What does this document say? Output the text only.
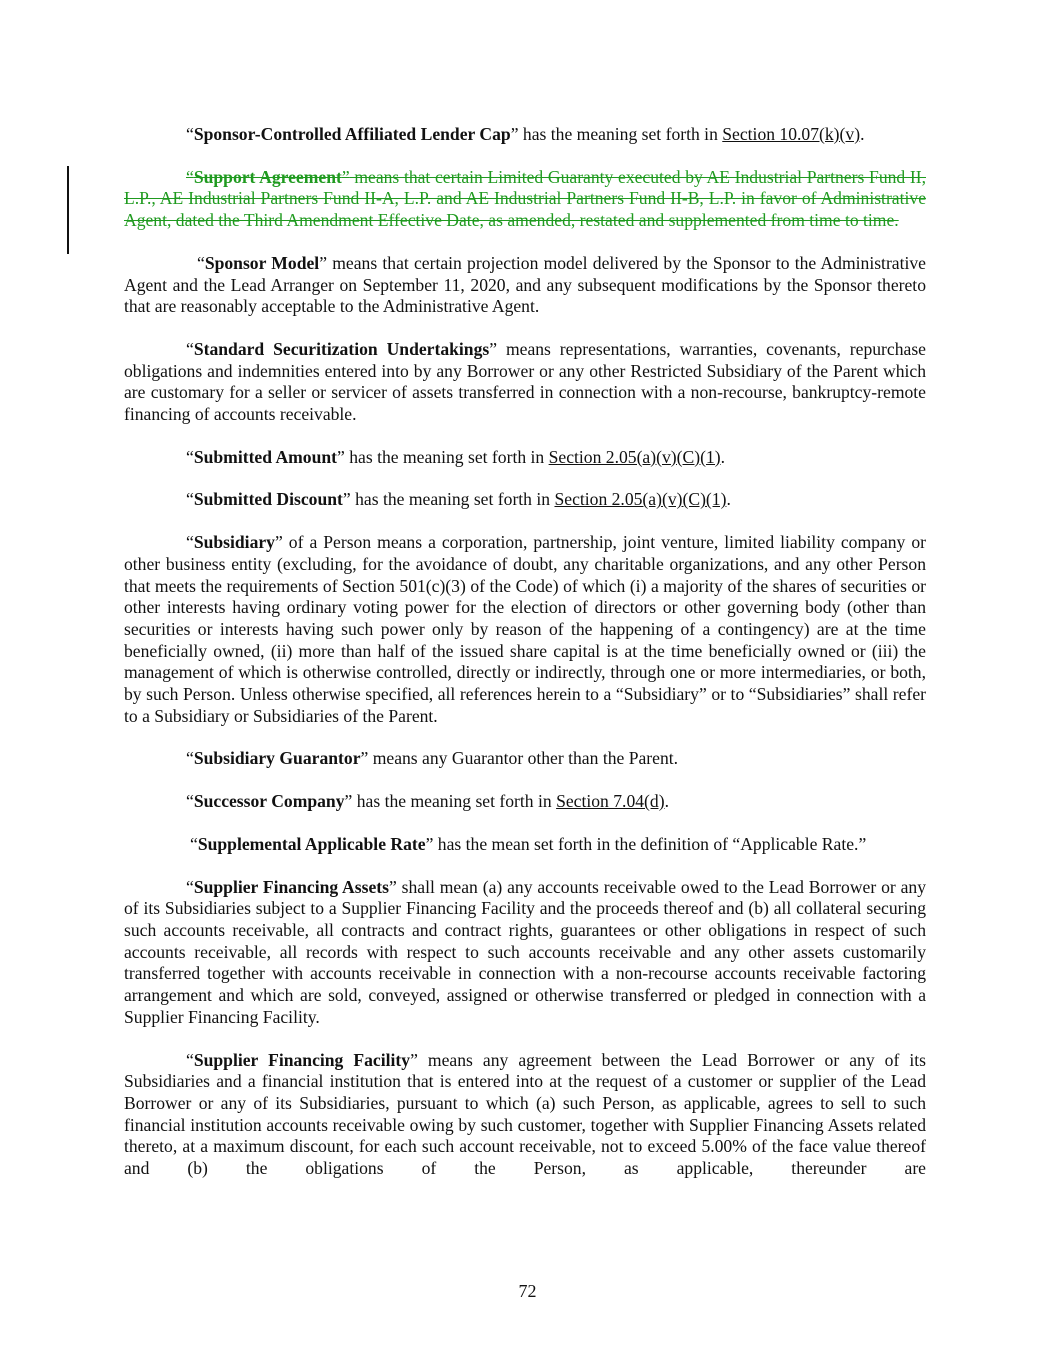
“Sponsor-Controlled Affiliated Lender Cap” has the meaning set forth in Section 10.07(k)(v).

“Support Agreement” means that certain Limited Guaranty executed by AE Industrial Partners Fund II, L.P., AE Industrial Partners Fund II-A, L.P. and AE Industrial Partners Fund II-B, L.P. in favor of Administrative Agent, dated the Third Amendment Effective Date, as amended, restated and supplemented from time to time.

“Sponsor Model” means that certain projection model delivered by the Sponsor to the Administrative Agent and the Lead Arranger on September 11, 2020, and any subsequent modifications by the Sponsor thereto that are reasonably acceptable to the Administrative Agent.

“Standard Securitization Undertakings” means representations, warranties, covenants, repurchase obligations and indemnities entered into by any Borrower or any other Restricted Subsidiary of the Parent which are customary for a seller or servicer of assets transferred in connection with a non-recourse, bankruptcy-remote financing of accounts receivable.

“Submitted Amount” has the meaning set forth in Section 2.05(a)(v)(C)(1).

“Submitted Discount” has the meaning set forth in Section 2.05(a)(v)(C)(1).

“Subsidiary” of a Person means a corporation, partnership, joint venture, limited liability company or other business entity (excluding, for the avoidance of doubt, any charitable organizations, and any other Person that meets the requirements of Section 501(c)(3) of the Code) of which (i) a majority of the shares of securities or other interests having ordinary voting power for the election of directors or other governing body (other than securities or interests having such power only by reason of the happening of a contingency) are at the time beneficially owned, (ii) more than half of the issued share capital is at the time beneficially owned or (iii) the management of which is otherwise controlled, directly or indirectly, through one or more intermediaries, or both, by such Person. Unless otherwise specified, all references herein to a “Subsidiary” or to “Subsidiaries” shall refer to a Subsidiary or Subsidiaries of the Parent.

“Subsidiary Guarantor” means any Guarantor other than the Parent.

“Successor Company” has the meaning set forth in Section 7.04(d).

“Supplemental Applicable Rate” has the mean set forth in the definition of “Applicable Rate.”

“Supplier Financing Assets” shall mean (a) any accounts receivable owed to the Lead Borrower or any of its Subsidiaries subject to a Supplier Financing Facility and the proceeds thereof and (b) all collateral securing such accounts receivable, all contracts and contract rights, guarantees or other obligations in respect of such accounts receivable, all records with respect to such accounts receivable and any other assets customarily transferred together with accounts receivable in connection with a non-recourse accounts receivable factoring arrangement and which are sold, conveyed, assigned or otherwise transferred or pledged in connection with a Supplier Financing Facility.

“Supplier Financing Facility” means any agreement between the Lead Borrower or any of its Subsidiaries and a financial institution that is entered into at the request of a customer or supplier of the Lead Borrower or any of its Subsidiaries, pursuant to which (a) such Person, as applicable, agrees to sell to such financial institution accounts receivable owing by such customer, together with Supplier Financing Assets related thereto, at a maximum discount, for each such account receivable, not to exceed 5.00% of the face value thereof and (b) the obligations of the Person, as applicable, thereunder are

72
